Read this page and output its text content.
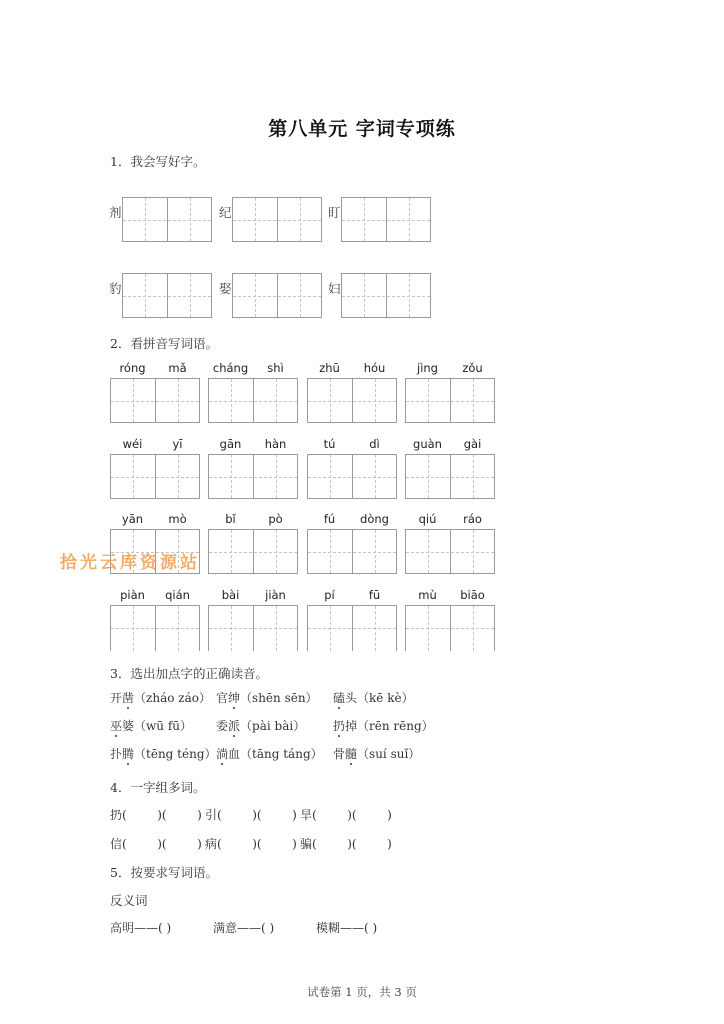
第八单元 字词专项练
1．我会写好字。
剂	纪	盯
豹	娶	妇
2．看拼音写词语。
róng	mǎ	cháng	shì	zhū	hóu	jìng	zǒu
wéi	yī	gān	hàn	tú	dì	guàn	gài
yān	mò	bǐ	pò	fú	dòng	qiú	ráo
piàn	qián	bài	jiàn	pí	fū	mù	biāo
拾光云库资源站
3．选出加点字的正确读音。
开凿（zháo záo） 官绅（shēn sēn） 磕头（kē kè）
巫婆（wū fū） 委派（pài bài） 扔掉（rēn rēng）
扑腾（tēng téng） 淌血（tāng táng） 骨髓（suí suǐ）
4．一字组多词。
扔(        )(        ) 引(        )(        ) 旱(        )(        )
信(        )(        ) 病(        )(        ) 骗(        )(        )
5．按要求写词语。
反义词
高明——( )	满意——( )	模糊——( )
试卷第 1 页，共 3 页
